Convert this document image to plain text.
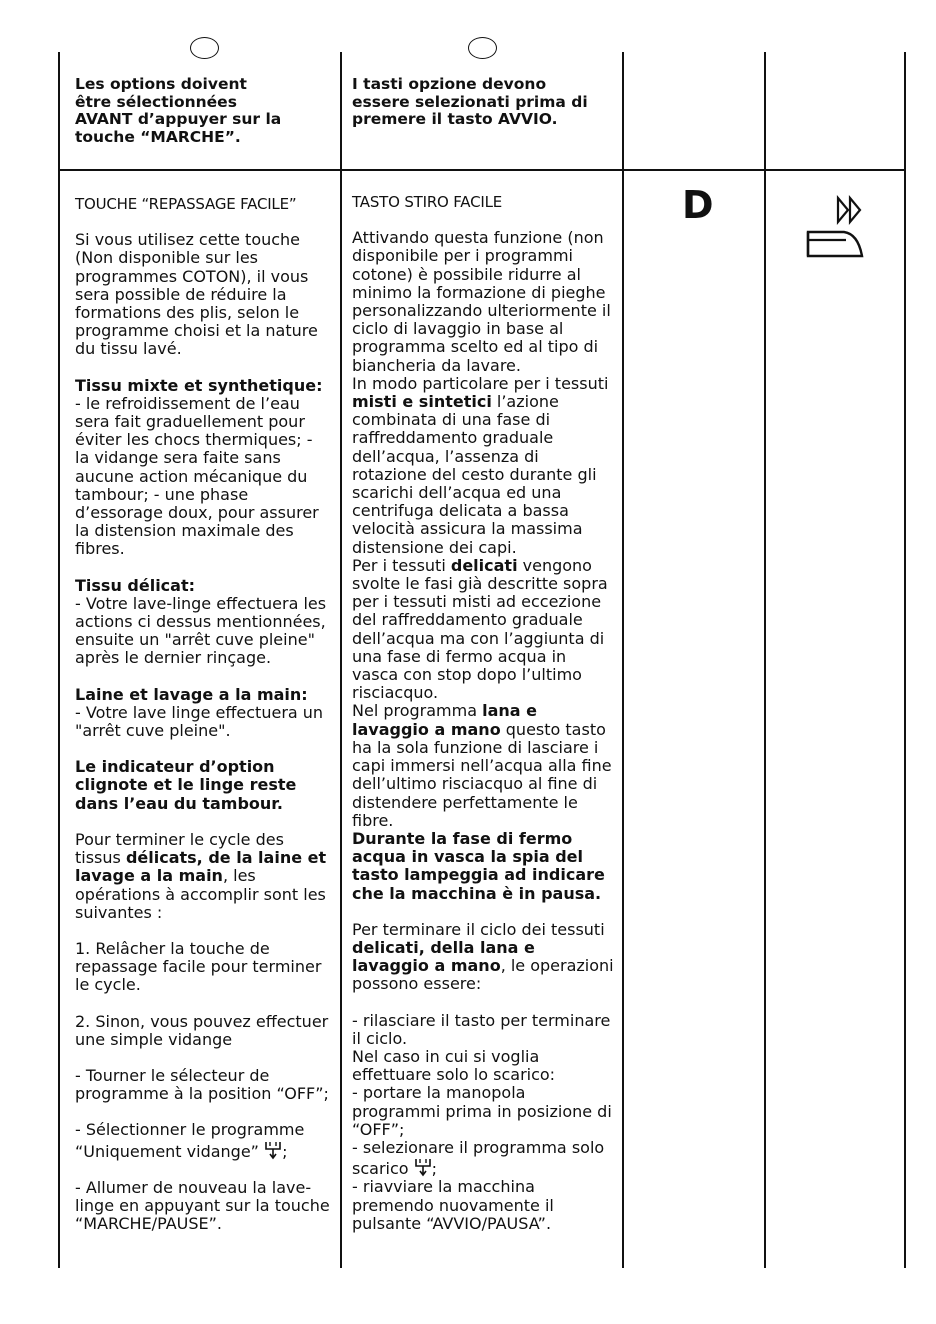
Les options doivent être sélectionnées AVANT d’appuyer sur la touche “MARCHE”.
I tasti opzione devono essere selezionati prima di premere il tasto AVVIO.
D

TOUCHE “REPASSAGE FACILE”

Si vous utilisez cette touche (Non disponible sur les programmes COTON), il vous sera possible de réduire la formations des plis, selon le programme choisi et la nature du tissu lavé.

Tissu mixte et synthetique:
- le refroidissement de l’eau sera fait graduellement pour éviter les chocs thermiques; - la vidange sera faite sans aucune action mécanique du tambour; - une phase d’essorage doux, pour assurer la distension maximale des fibres.

Tissu délicat:
- Votre lave-linge effectuera les actions ci dessus mentionnées, ensuite un "arrêt cuve pleine" après le dernier rinçage.

Laine et lavage a la main:
- Votre lave linge effectuera un "arrêt cuve pleine".

Le indicateur d’option clignote et le linge reste dans l’eau du tambour.

Pour terminer le cycle des tissus délicats, de la laine et lavage a la main, les opérations à accomplir sont les suivantes :

1. Relâcher la touche de repassage facile pour terminer le cycle.

2. Sinon, vous pouvez effectuer une simple vidange

- Tourner le sélecteur de programme à la position “OFF”;

- Sélectionner le programme “Uniquement vidange” ;

- Allumer de nouveau la lave-linge en appuyant sur la touche “MARCHE/PAUSE”.

TASTO STIRO FACILE

Attivando questa funzione (non disponibile per i programmi cotone) è possibile ridurre al minimo la formazione di pieghe personalizzando ulteriormente il ciclo di lavaggio in base al programma scelto ed al tipo di biancheria da lavare.
In modo particolare per i tessuti misti e sintetici l’azione combinata di una fase di raffreddamento graduale dell’acqua, l’assenza di rotazione del cesto durante gli scarichi dell’acqua ed una centrifuga delicata a bassa velocità assicura la massima distensione dei capi.
Per i tessuti delicati vengono svolte le fasi già descritte sopra per i tessuti misti ad eccezione del raffreddamento graduale dell’acqua ma con l’aggiunta di una fase di fermo acqua in vasca con stop dopo l’ultimo risciacquo.
Nel programma lana e lavaggio a mano questo tasto ha la sola funzione di lasciare i capi immersi nell’acqua alla fine dell’ultimo risciacquo al fine di distendere perfettamente le fibre.
Durante la fase di fermo acqua in vasca la spia del tasto lampeggia ad indicare che la macchina è in pausa.

Per terminare il ciclo dei tessuti delicati, della lana e lavaggio a mano, le operazioni possono essere:

- rilasciare il tasto per terminare il ciclo.
Nel caso in cui si voglia effettuare solo lo scarico:
- portare la manopola programmi prima in posizione di “OFF”;
- selezionare il programma solo scarico ;
- riavviare la macchina premendo nuovamente il pulsante “AVVIO/PAUSA”.
